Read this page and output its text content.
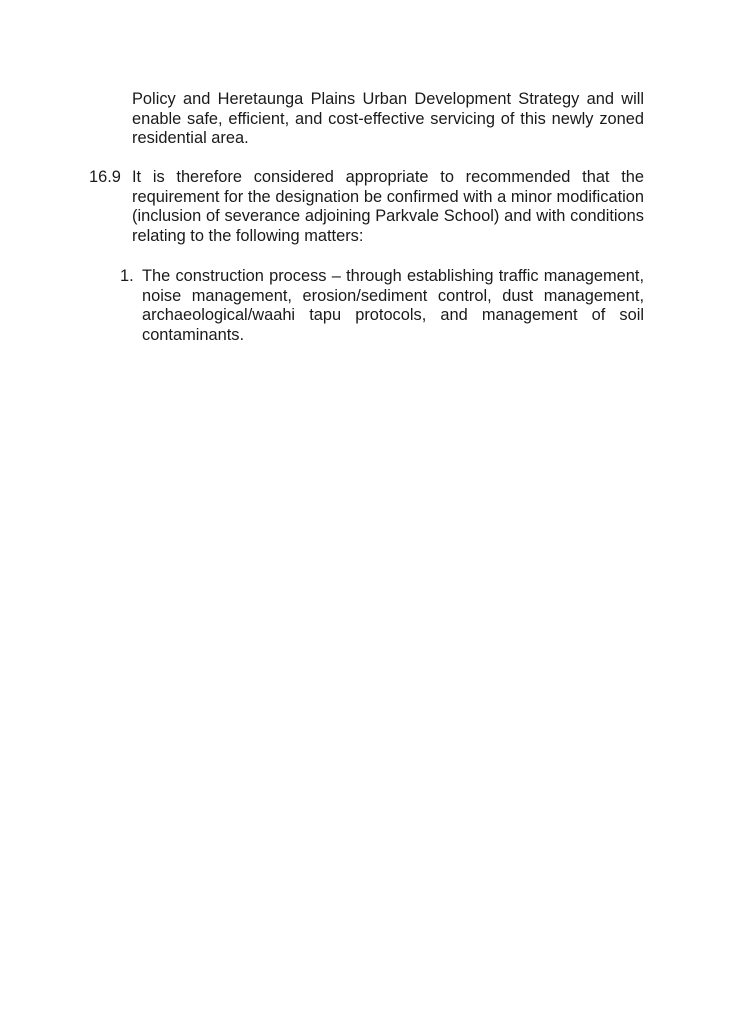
Policy and Heretaunga Plains Urban Development Strategy and will enable safe, efficient, and cost-effective servicing of this newly zoned residential area.

16.9 It is therefore considered appropriate to recommended that the requirement for the designation be confirmed with a minor modification (inclusion of severance adjoining Parkvale School) and with conditions relating to the following matters:
1. The construction process – through establishing traffic management, noise management, erosion/sediment control, dust management, archaeological/waahi tapu protocols, and management of soil contaminants.
